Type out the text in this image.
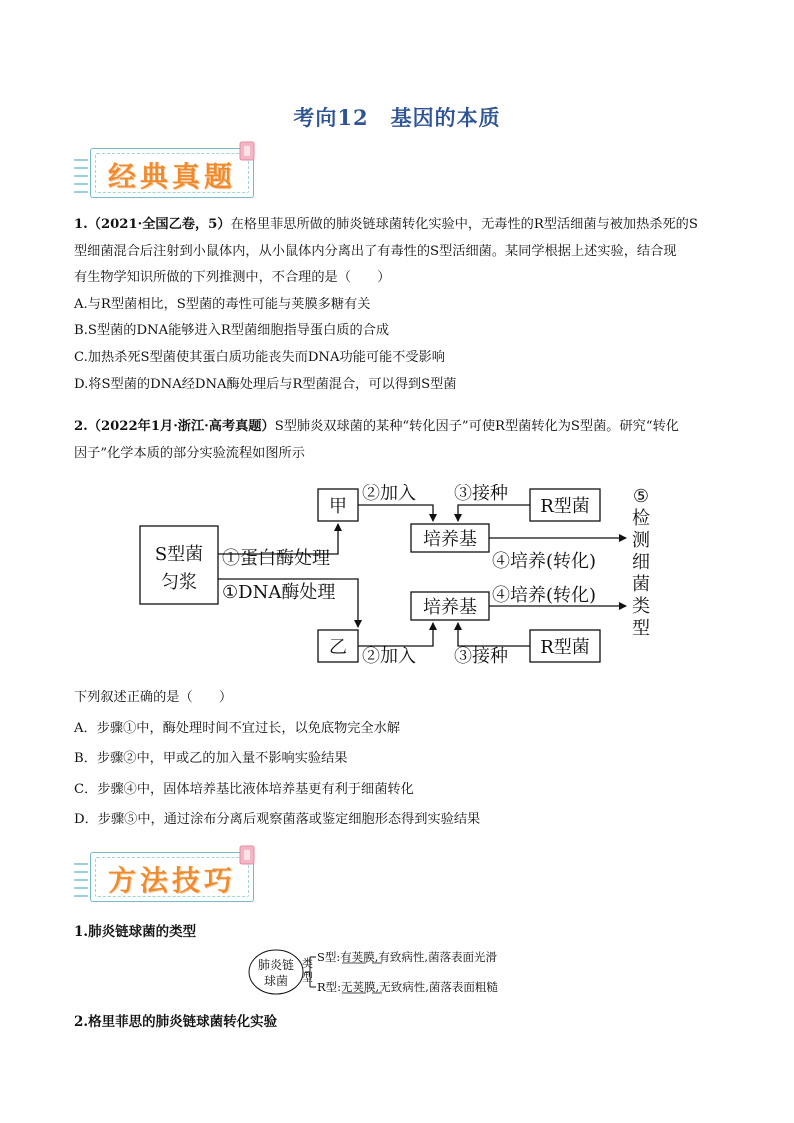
考向12 基因的本质
经典真题
1.（2021·全国乙卷，5）在格里菲思所做的肺炎链球菌转化实验中，无毒性的R型活细菌与被加热杀死的S
型细菌混合后注射到小鼠体内，从小鼠体内分离出了有毒性的S型活细菌。某同学根据上述实验，结合现
有生物学知识所做的下列推测中，不合理的是（　　）
A.与R型菌相比，S型菌的毒性可能与荚膜多糖有关
B.S型菌的DNA能够进入R型菌细胞指导蛋白质的合成
C.加热杀死S型菌使其蛋白质功能丧失而DNA功能可能不受影响
D.将S型菌的DNA经DNA酶处理后与R型菌混合，可以得到S型菌
2.（2022年1月·浙江·高考真题）S型肺炎双球菌的某种“转化因子”可使R型菌转化为S型菌。研究“转化
因子”化学本质的部分实验流程如图所示
S型菌
匀浆
甲
乙
①蛋白酶处理
①DNA酶处理
②加入
②加入
③接种
③接种
R型菌
R型菌
培养基
培养基
④培养(转化)
④培养(转化)
⑤
检
测
细
菌
类
型
下列叙述正确的是（　　）
A．步骤①中，酶处理时间不宜过长，以免底物完全水解
B．步骤②中，甲或乙的加入量不影响实验结果
C．步骤④中，固体培养基比液体培养基更有利于细菌转化
D．步骤⑤中，通过涂布分离后观察菌落或鉴定细胞形态得到实验结果
方法技巧
1.肺炎链球菌的类型
肺炎链
球菌
类
型
S型:有荚膜,有致病性,菌落表面光滑
R型:无荚膜,无致病性,菌落表面粗糙
2.格里菲思的肺炎链球菌转化实验
